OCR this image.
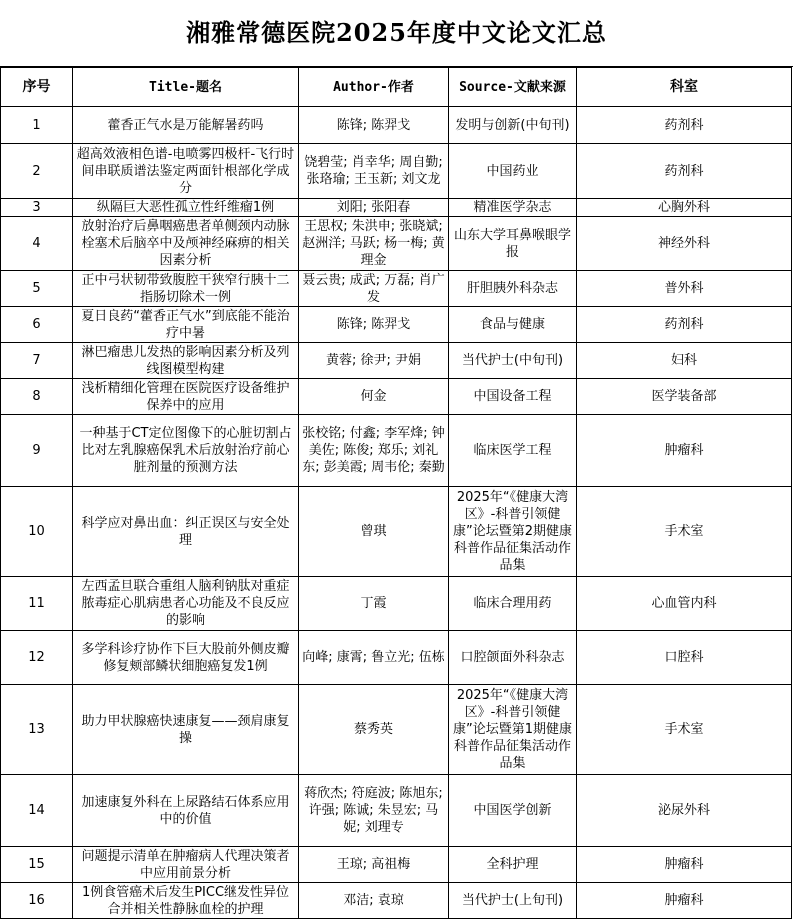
湘雅常德医院2025年度中文论文汇总
序号	Title-题名	Author-作者	Source-文献来源	科室
1	藿香正气水是万能解暑药吗	陈锋; 陈羿戈	发明与创新(中旬刊)	药剂科
2	超高效液相色谱-电喷雾四极杆-飞行时间串联质谱法鉴定两面针根部化学成分	饶碧莹; 肖幸华; 周自勤; 张珞瑜; 王玉新; 刘文龙	中国药业	药剂科
3	纵隔巨大恶性孤立性纤维瘤1例	刘阳; 张阳春	精准医学杂志	心胸外科
4	放射治疗后鼻咽癌患者单侧颈内动脉栓塞术后脑卒中及颅神经麻痹的相关因素分析	王思权; 朱洪申; 张晓斌; 赵洲洋; 马跃; 杨一梅; 黄理金	山东大学耳鼻喉眼学报	神经外科
5	正中弓状韧带致腹腔干狭窄行胰十二指肠切除术一例	聂云贵; 成武; 万磊; 肖广发	肝胆胰外科杂志	普外科
6	夏日良药“藿香正气水”到底能不能治疗中暑	陈锋; 陈羿戈	食品与健康	药剂科
7	淋巴瘤患儿发热的影响因素分析及列线图模型构建	黄蓉; 徐尹; 尹娟	当代护士(中旬刊)	妇科
8	浅析精细化管理在医院医疗设备维护保养中的应用	何金	中国设备工程	医学装备部
9	一种基于CT定位图像下的心脏切割占比对左乳腺癌保乳术后放射治疗前心脏剂量的预测方法	张校铭; 付鑫; 李军烽; 钟美佐; 陈俊; 郑乐; 刘礼东; 彭美霞; 周韦伦; 秦勤	临床医学工程	肿瘤科
10	科学应对鼻出血：纠正误区与安全处理	曾琪	2025年“《健康大湾区》-科普引领健康”论坛暨第2期健康科普作品征集活动作品集	手术室
11	左西孟旦联合重组人脑利钠肽对重症脓毒症心肌病患者心功能及不良反应的影响	丁霞	临床合理用药	心血管内科
12	多学科诊疗协作下巨大股前外侧皮瓣修复颊部鳞状细胞癌复发1例	向峰; 康霄; 鲁立光; 伍栋	口腔颌面外科杂志	口腔科
13	助力甲状腺癌快速康复——颈肩康复操	蔡秀英	2025年“《健康大湾区》-科普引领健康”论坛暨第1期健康科普作品征集活动作品集	手术室
14	加速康复外科在上尿路结石体系应用中的价值	蒋欣杰; 符庭波; 陈旭东; 许强; 陈诚; 朱昱宏; 马妮; 刘理专	中国医学创新	泌尿外科
15	问题提示清单在肿瘤病人代理决策者中应用前景分析	王琼; 高祖梅	全科护理	肿瘤科
16	1例食管癌术后发生PICC继发性异位合并相关性静脉血栓的护理	邓洁; 袁琼	当代护士(上旬刊)	肿瘤科
